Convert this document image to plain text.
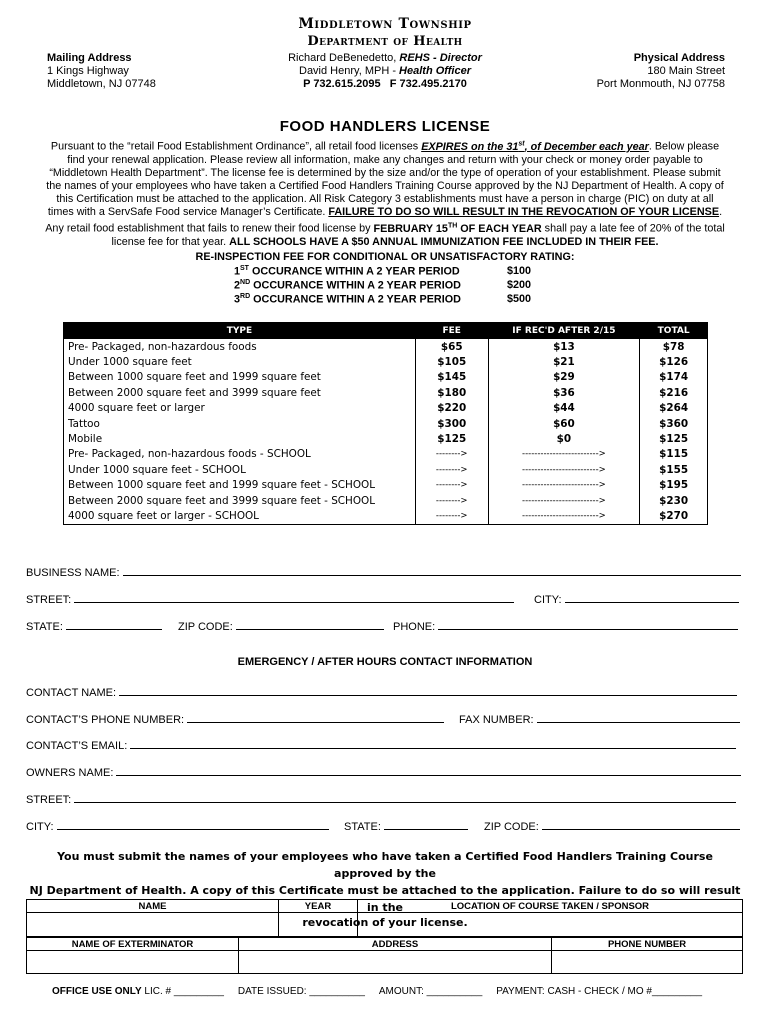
Middletown Township
Department of Health
Mailing Address
1 Kings Highway
Middletown, NJ 07748
Richard DeBenedetto, REHS - Director
David Henry, MPH - Health Officer
P 732.615.2095 F 732.495.2170
Physical Address
180 Main Street
Port Monmouth, NJ 07758
FOOD HANDLERS LICENSE
Pursuant to the “retail Food Establishment Ordinance”, all retail food licenses EXPIRES on the 31st, of December each year. Below please
find your renewal application. Please review all information, make any changes and return with your check or money order payable to
“Middletown Health Department”. The license fee is determined by the size and/or the type of operation of your establishment. Please submit
the names of your employees who have taken a Certified Food Handlers Training Course approved by the NJ Department of Health. A copy of
this Certification must be attached to the application. All Risk Category 3 establishments must have a person in charge (PIC) on duty at all
times with a ServSafe Food service Manager’s Certificate. FAILURE TO DO SO WILL RESULT IN THE REVOCATION OF YOUR LICENSE.
Any retail food establishment that fails to renew their food license by FEBRUARY 15TH OF EACH YEAR shall pay a late fee of 20% of the total
license fee for that year. ALL SCHOOLS HAVE A $50 ANNUAL IMMUNIZATION FEE INCLUDED IN THEIR FEE.
RE-INSPECTION FEE FOR CONDITIONAL OR UNSATISFACTORY RATING:
1ST OCCURANCE WITHIN A 2 YEAR PERIOD	$100
2ND OCCURANCE WITHIN A 2 YEAR PERIOD	$200
3RD OCCURANCE WITHIN A 2 YEAR PERIOD	$500
TYPE	FEE	IF REC'D AFTER 2/15	TOTAL
Pre- Packaged, non-hazardous foods	$65	$13	$78
Under 1000 square feet	$105	$21	$126
Between 1000 square feet and 1999 square feet	$145	$29	$174
Between 2000 square feet and 3999 square feet	$180	$36	$216
4000 square feet or larger	$220	$44	$264
Tattoo	$300	$60	$360
Mobile	$125	$0	$125
Pre- Packaged, non-hazardous foods - SCHOOL	-------->	------------------------->	$115
Under 1000 square feet - SCHOOL	-------->	------------------------->	$155
Between 1000 square feet and 1999 square feet - SCHOOL	-------->	------------------------->	$195
Between 2000 square feet and 3999 square feet - SCHOOL	-------->	------------------------->	$230
4000 square feet or larger - SCHOOL	-------->	------------------------->	$270
BUSINESS NAME:
STREET:	CITY:
STATE:	ZIP CODE:	PHONE:
EMERGENCY / AFTER HOURS CONTACT INFORMATION
CONTACT NAME:
CONTACT’S PHONE NUMBER:	FAX NUMBER:
CONTACT’S EMAIL:
OWNERS NAME:
STREET:
CITY:	STATE:	ZIP CODE:
You must submit the names of your employees who have taken a Certified Food Handlers Training Course approved by the
NJ Department of Health. A copy of this Certificate must be attached to the application. Failure to do so will result in the
revocation of your license.
NAME	YEAR	LOCATION OF COURSE TAKEN / SPONSOR

NAME OF EXTERMINATOR	ADDRESS	PHONE NUMBER

OFFICE USE ONLY LIC. # _________ DATE ISSUED: __________ AMOUNT: __________ PAYMENT: CASH - CHECK / MO #_________
